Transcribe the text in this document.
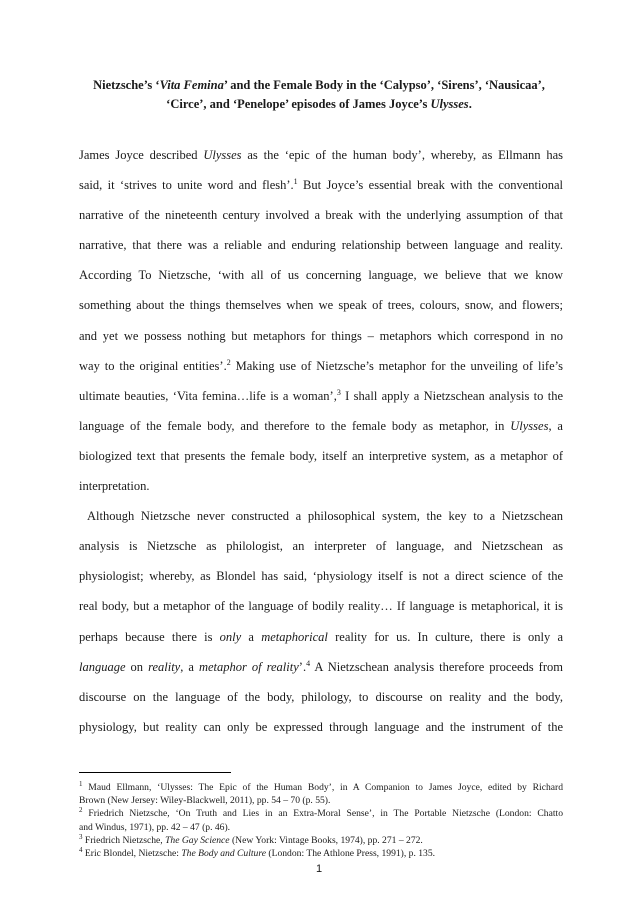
Nietzsche’s ‘Vita Femina’ and the Female Body in the ‘Calypso’, ‘Sirens’, ‘Nausicaa’,
‘Circe’, and ‘Penelope’ episodes of James Joyce’s Ulysses.
James Joyce described Ulysses as the ‘epic of the human body’, whereby, as Ellmann has
said, it ‘strives to unite word and flesh’.$^1$ But Joyce’s essential break with the conventional
narrative of the nineteenth century involved a break with the underlying assumption of that
narrative, that there was a reliable and enduring relationship between language and reality.
According To Nietzsche, ‘with all of us concerning language, we believe that we know
something about the things themselves when we speak of trees, colours, snow, and flowers;
and yet we possess nothing but metaphors for things – metaphors which correspond in no
way to the original entities’.$^2$ Making use of Nietzsche’s metaphor for the unveiling of life’s
ultimate beauties, ‘Vita femina…life is a woman’,$^3$ I shall apply a Nietzschean analysis to the
language of the female body, and therefore to the female body as metaphor, in Ulysses, a
biologized text that presents the female body, itself an interpretive system, as a metaphor of
interpretation.
Although Nietzsche never constructed a philosophical system, the key to a Nietzschean
analysis is Nietzsche as philologist, an interpreter of language, and Nietzschean as
physiologist; whereby, as Blondel has said, ‘physiology itself is not a direct science of the
real body, but a metaphor of the language of bodily reality… If language is metaphorical, it is
perhaps because there is only a metaphorical reality for us. In culture, there is only a
language on reality, a metaphor of reality’.$^4$ A Nietzschean analysis therefore proceeds from
discourse on the language of the body, philology, to discourse on reality and the body,
physiology, but reality can only be expressed through language and the instrument of the
$^1$ Maud Ellmann, ‘Ulysses: The Epic of the Human Body’, in A Companion to James Joyce, edited by Richard
Brown (New Jersey: Wiley-Blackwell, 2011), pp. 54 – 70 (p. 55).
$^2$ Friedrich Nietzsche, ‘On Truth and Lies in an Extra-Moral Sense’, in The Portable Nietzsche (London: Chatto
and Windus, 1971), pp. 42 – 47 (p. 46).
$^3$ Friedrich Nietzsche, The Gay Science (New York: Vintage Books, 1974), pp. 271 – 272.
$^4$ Eric Blondel, Nietzsche: The Body and Culture (London: The Athlone Press, 1991), p. 135.
1
